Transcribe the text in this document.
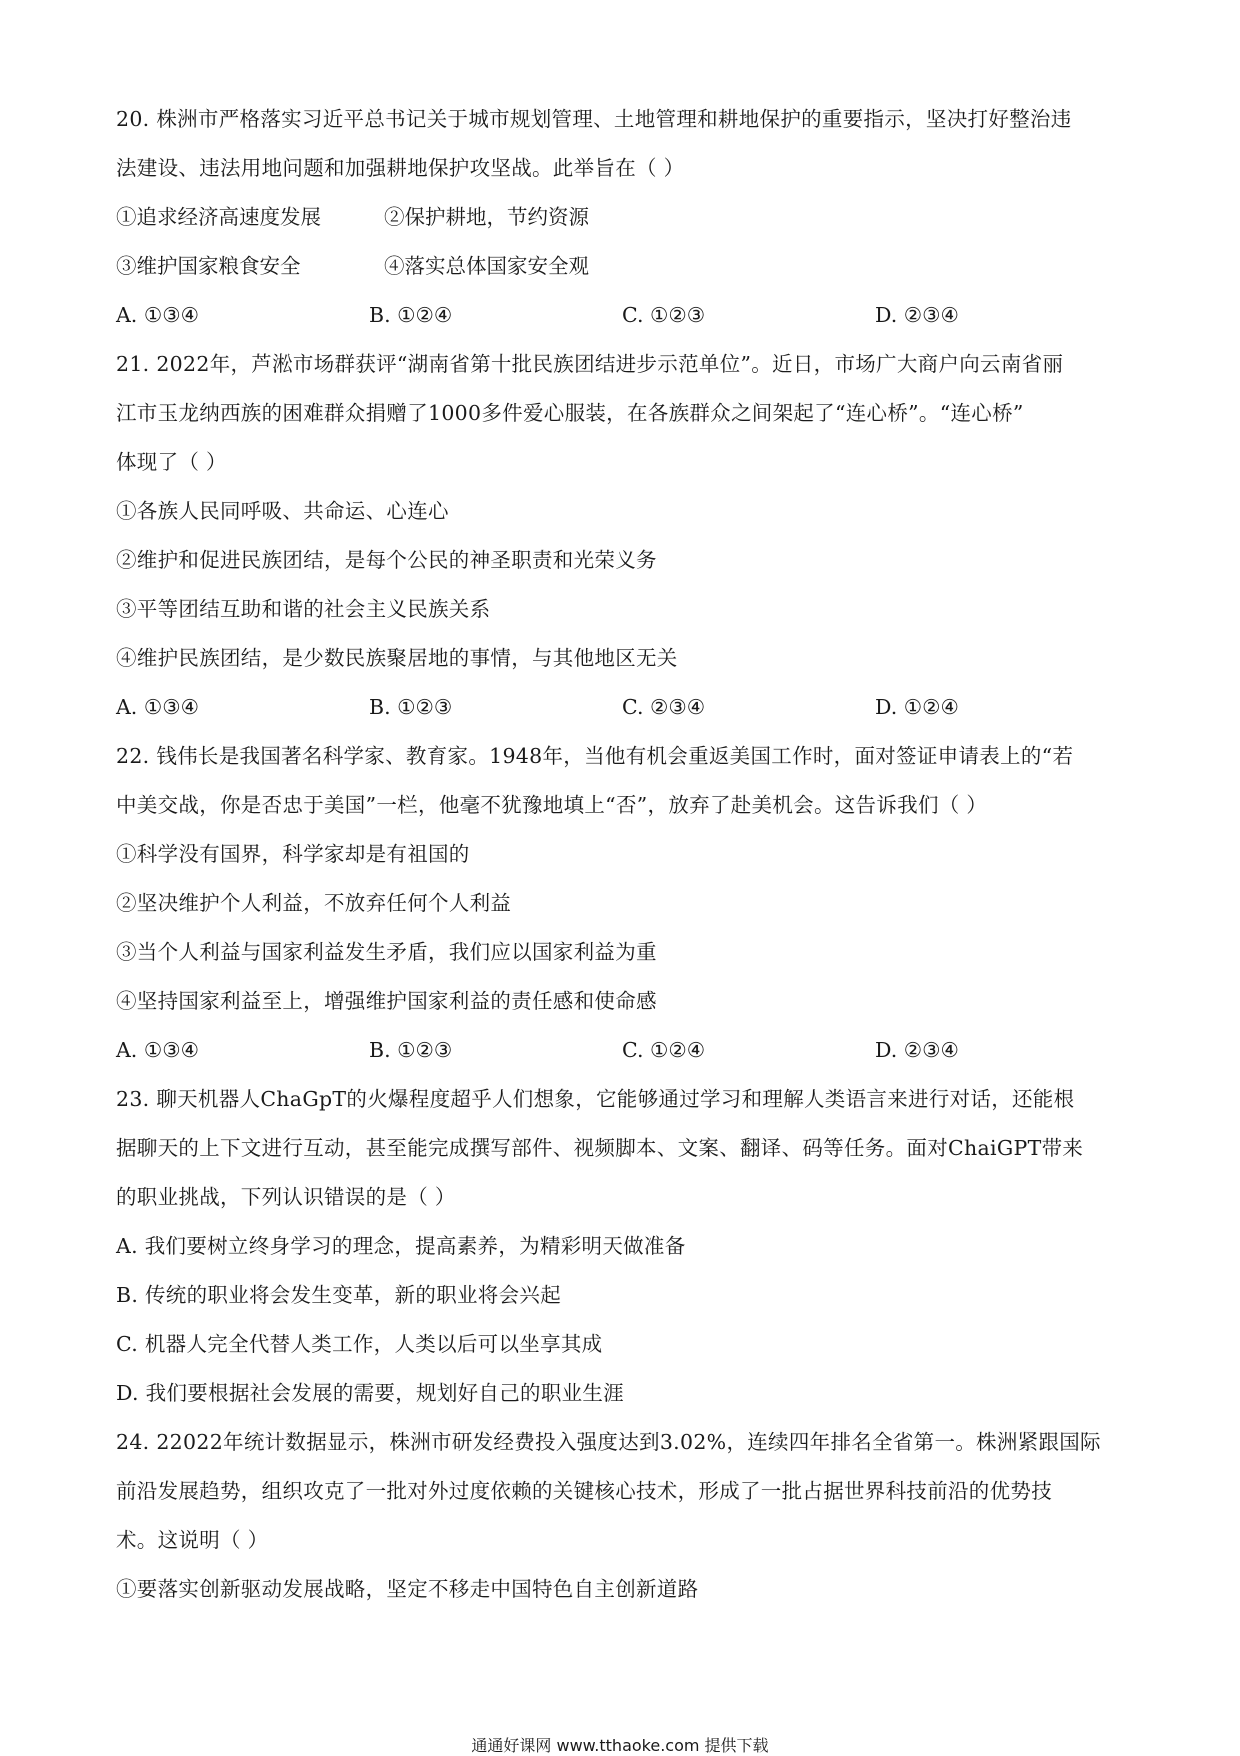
20. 株洲市严格落实习近平总书记关于城市规划管理、土地管理和耕地保护的重要指示，坚决打好整治违
法建设、违法用地问题和加强耕地保护攻坚战。此举旨在（ ）
①追求经济高速度发展	②保护耕地，节约资源
③维护国家粮食安全	④落实总体国家安全观
A. ①③④	B. ①②④	C. ①②③	D. ②③④
21. 2022年，芦淞市场群获评“湖南省第十批民族团结进步示范单位”。近日，市场广大商户向云南省丽
江市玉龙纳西族的困难群众捐赠了1000多件爱心服装，在各族群众之间架起了“连心桥”。“连心桥”
体现了（ ）
①各族人民同呼吸、共命运、心连心
②维护和促进民族团结，是每个公民的神圣职责和光荣义务
③平等团结互助和谐的社会主义民族关系
④维护民族团结，是少数民族聚居地的事情，与其他地区无关
A. ①③④	B. ①②③	C. ②③④	D. ①②④
22. 钱伟长是我国著名科学家、教育家。1948年，当他有机会重返美国工作时，面对签证申请表上的“若
中美交战，你是否忠于美国”一栏，他毫不犹豫地填上“否”，放弃了赴美机会。这告诉我们（ ）
①科学没有国界，科学家却是有祖国的
②坚决维护个人利益，不放弃任何个人利益
③当个人利益与国家利益发生矛盾，我们应以国家利益为重
④坚持国家利益至上，增强维护国家利益的责任感和使命感
A. ①③④	B. ①②③	C. ①②④	D. ②③④
23. 聊天机器人ChaGpT的火爆程度超乎人们想象，它能够通过学习和理解人类语言来进行对话，还能根
据聊天的上下文进行互动，甚至能完成撰写部件、视频脚本、文案、翻译、码等任务。面对ChaiGPT带来
的职业挑战，下列认识错误的是（ ）
A. 我们要树立终身学习的理念，提高素养，为精彩明天做准备
B. 传统的职业将会发生变革，新的职业将会兴起
C. 机器人完全代替人类工作，人类以后可以坐享其成
D. 我们要根据社会发展的需要，规划好自己的职业生涯
24. 22022年统计数据显示，株洲市研发经费投入强度达到3.02%，连续四年排名全省第一。株洲紧跟国际
前沿发展趋势，组织攻克了一批对外过度依赖的关键核心技术，形成了一批占据世界科技前沿的优势技
术。这说明（ ）
①要落实创新驱动发展战略，坚定不移走中国特色自主创新道路
通通好课网 www.tthaoke.com 提供下载
